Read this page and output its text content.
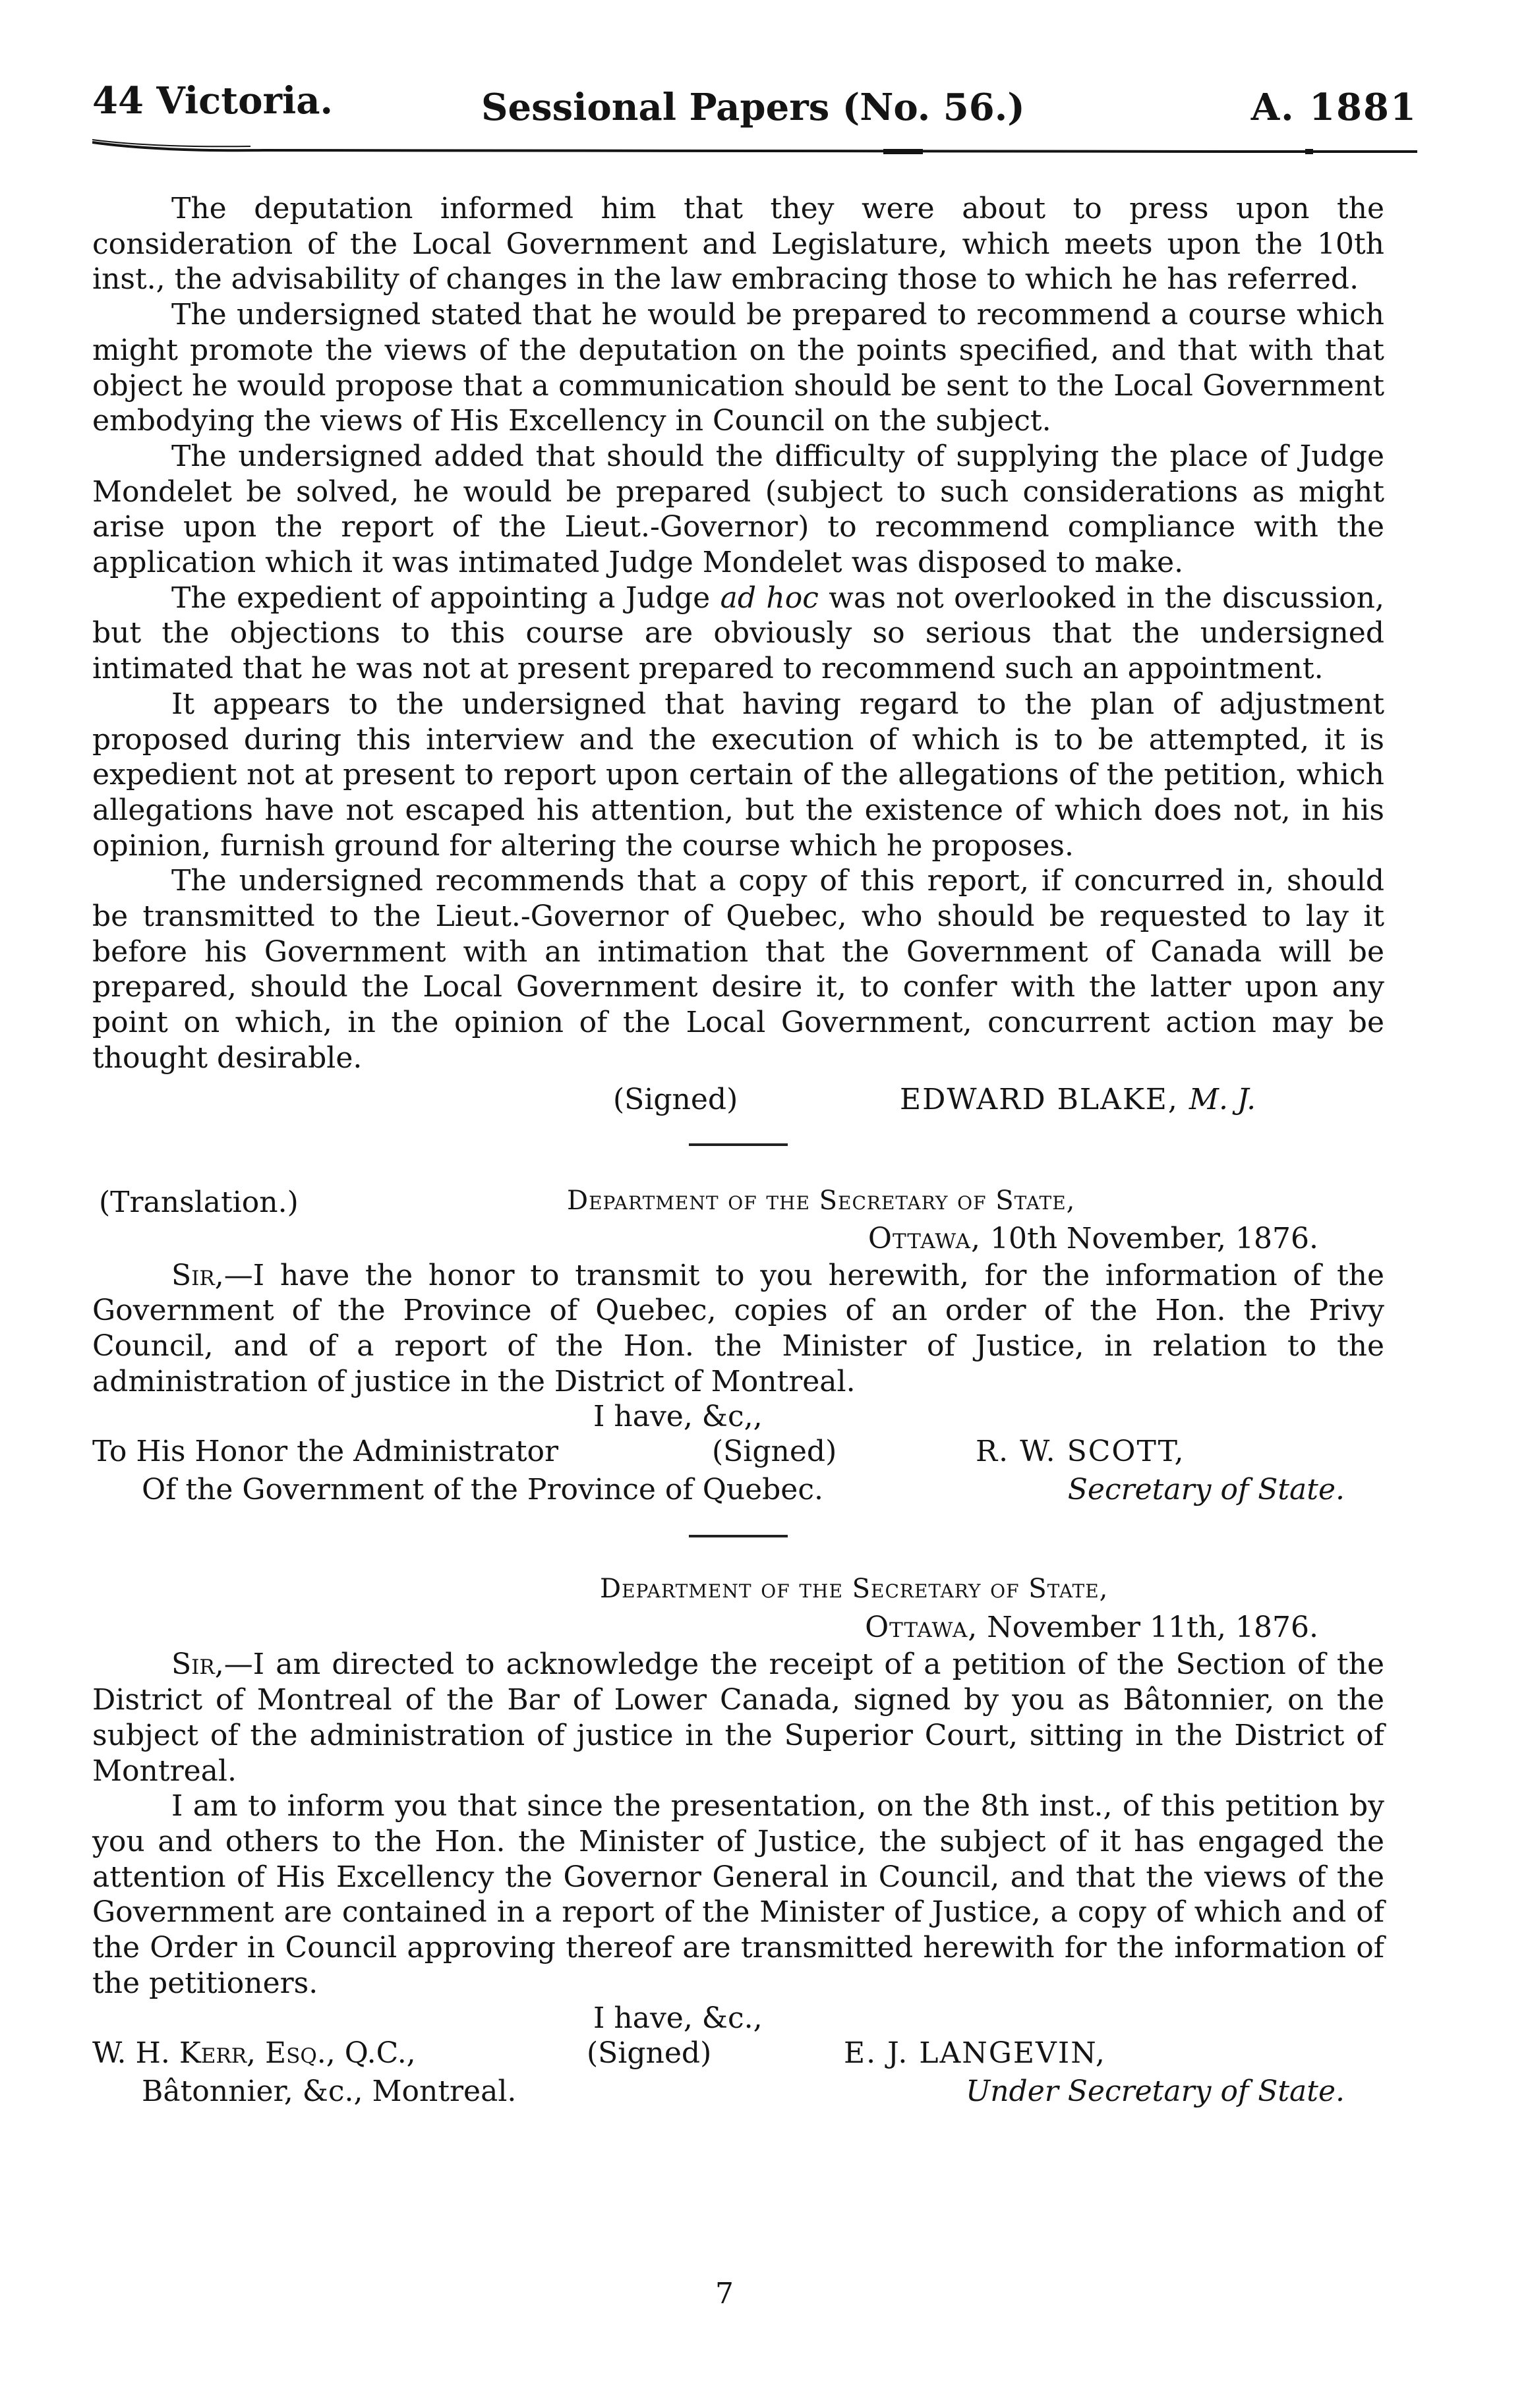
44 Victoria.	Sessional Papers (No. 56.)	A. 1881

The deputation informed him that they were about to press upon the consideration of the Local Government and Legislature, which meets upon the 10th inst., the advisability of changes in the law embracing those to which he has referred.

The undersigned stated that he would be prepared to recommend a course which might promote the views of the deputation on the points specified, and that with that object he would propose that a communication should be sent to the Local Government embodying the views of His Excellency in Council on the subject.

The undersigned added that should the difficulty of supplying the place of Judge Mondelet be solved, he would be prepared (subject to such considerations as might arise upon the report of the Lieut.-Governor) to recommend compliance with the application which it was intimated Judge Mondelet was disposed to make.

The expedient of appointing a Judge ad hoc was not overlooked in the discussion, but the objections to this course are obviously so serious that the undersigned intimated that he was not at present prepared to recommend such an appointment.

It appears to the undersigned that having regard to the plan of adjustment proposed during this interview and the execution of which is to be attempted, it is expedient not at present to report upon certain of the allegations of the petition, which allegations have not escaped his attention, but the existence of which does not, in his opinion, furnish ground for altering the course which he proposes.

The undersigned recommends that a copy of this report, if concurred in, should be transmitted to the Lieut.-Governor of Quebec, who should be requested to lay it before his Government with an intimation that the Government of Canada will be prepared, should the Local Government desire it, to confer with the latter upon any point on which, in the opinion of the Local Government, concurrent action may be thought desirable.

(Signed)	EDWARD BLAKE, M. J.
(Translation.)	Department of the Secretary of State,
Ottawa, 10th November, 1876.

Sir,—I have the honor to transmit to you herewith, for the information of the Government of the Province of Quebec, copies of an order of the Hon. the Privy Council, and of a report of the Hon. the Minister of Justice, in relation to the administration of justice in the District of Montreal.

I have, &c,,
To His Honor the Administrator
Of the Government of the Province of Quebec.
(Signed)	R. W. SCOTT,
Secretary of State.
Department of the Secretary of State,
Ottawa, November 11th, 1876.

Sir,—I am directed to acknowledge the receipt of a petition of the Section of the District of Montreal of the Bar of Lower Canada, signed by you as Bâtonnier, on the subject of the administration of justice in the Superior Court, sitting in the District of Montreal.

I am to inform you that since the presentation, on the 8th inst., of this petition by you and others to the Hon. the Minister of Justice, the subject of it has engaged the attention of His Excellency the Governor General in Council, and that the views of the Government are contained in a report of the Minister of Justice, a copy of which and of the Order in Council approving thereof are transmitted herewith for the information of the petitioners.

I have, &c.,
W. H. Kerr, Esq., Q.C.,
Bâtonnier, &c., Montreal.
(Signed)	E. J. LANGEVIN,
Under Secretary of State.
7
